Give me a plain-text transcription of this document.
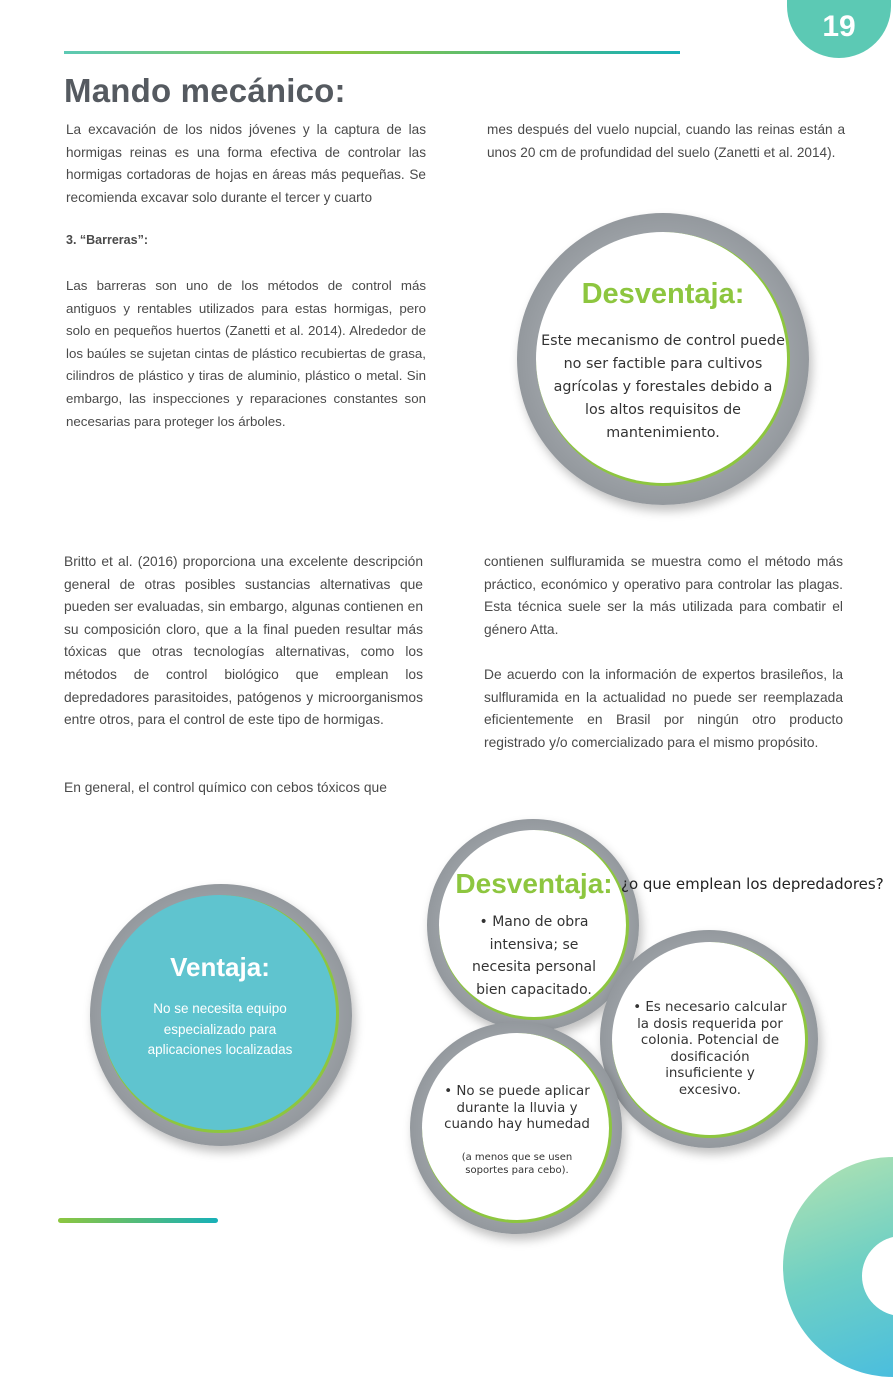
19
Mando mecánico:

La excavación de los nidos jóvenes y la captura de las hormigas reinas es una forma efectiva de controlar las hormigas cortadoras de hojas en áreas más pequeñas. Se recomienda excavar solo durante el tercer y cuarto

mes después del vuelo nupcial, cuando las reinas están a unos 20 cm de profundidad del suelo (Zanetti et al. 2014).

3. “Barreras”:

Las barreras son uno de los métodos de control más antiguos y rentables utilizados para estas hormigas, pero solo en pequeños huertos (Zanetti et al. 2014). Alrededor de los baúles se sujetan cintas de plástico recubiertas de grasa, cilindros de plástico y tiras de aluminio, plástico o metal. Sin embargo, las inspecciones y reparaciones constantes son necesarias para proteger los árboles.

Desventaja:
Este mecanismo de control puede
no ser factible para cultivos
agrícolas y forestales debido a
los altos requisitos de
mantenimiento.

Britto et al. (2016) proporciona una excelente descripción general de otras posibles sustancias alternativas que pueden ser evaluadas, sin embargo, algunas contienen en su composición cloro, que a la final pueden resultar más tóxicas que otras tecnologías alternativas, como los métodos de control biológico que emplean los depredadores parasitoides, patógenos y microorganismos entre otros, para el control de este tipo de hormigas.

En general, el control químico con cebos tóxicos que

contienen sulfluramida se muestra como el método más práctico, económico y operativo para controlar las plagas. Esta técnica suele ser la más utilizada para combatir el género Atta.

De acuerdo con la información de expertos brasileños, la sulfluramida en la actualidad no puede ser reemplazada eficientemente en Brasil por ningún otro producto registrado y/o comercializado para el mismo propósito.

Ventaja:
No se necesita equipo
especializado para
aplicaciones localizadas
• Es necesario calcular
la dosis requerida por
colonia. Potencial de
dosificación
insuficiente y
excesivo.
• No se puede aplicar
durante la lluvia y
cuando hay humedad
(a menos que se usen
soportes para cebo).
¿o que emplean los depredadores?
Desventaja:
• Mano de obra
intensiva; se
necesita personal
bien capacitado.
